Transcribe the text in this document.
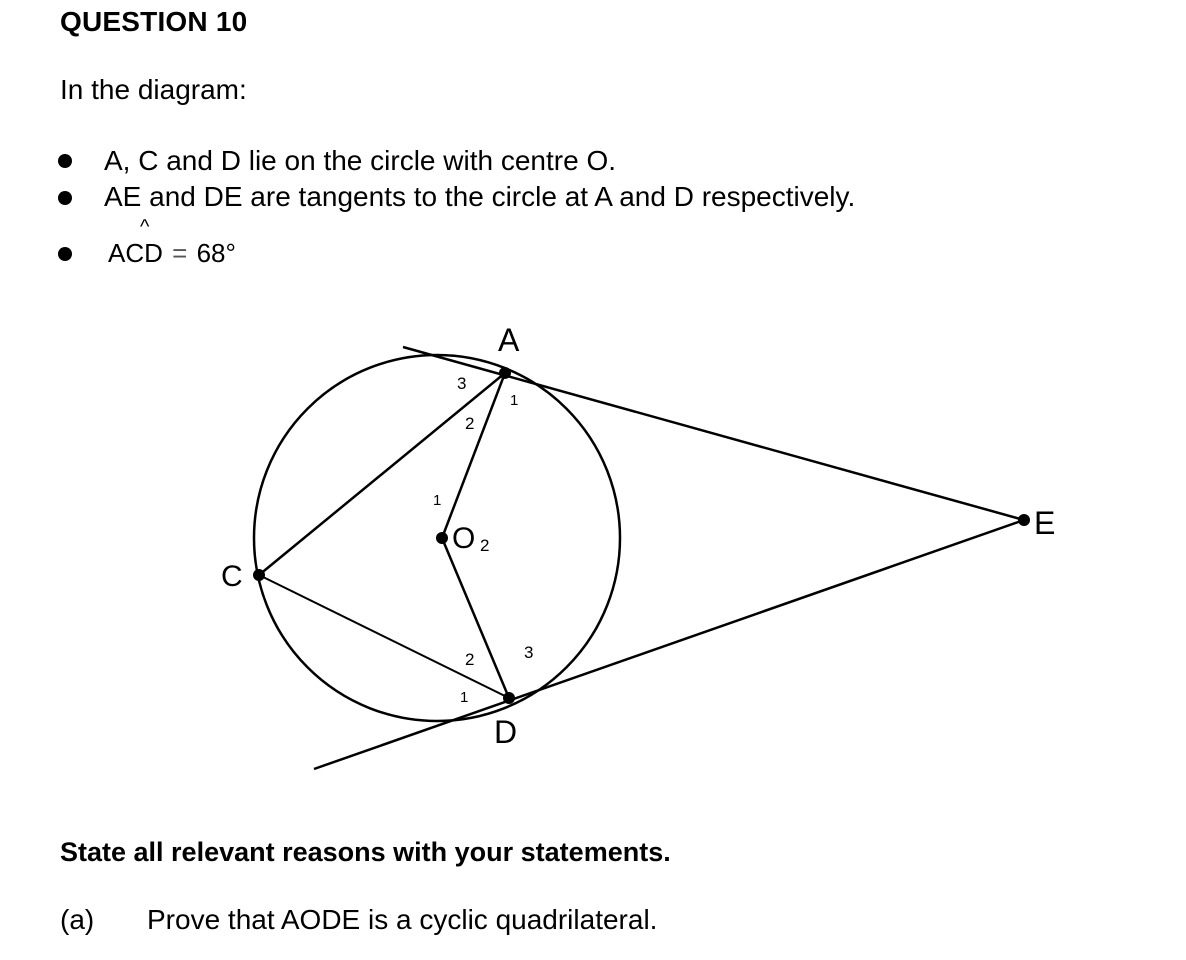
QUESTION 10
In the diagram:
A, C and D lie on the circle with centre O.
AE and DE are tangents to the circle at A and D respectively.
A
^
CD = 68°
A
C
D
E
O
3
2
1
1
2
2	3
1
State all relevant reasons with your statements.
(a) Prove that AODE is a cyclic quadrilateral.
